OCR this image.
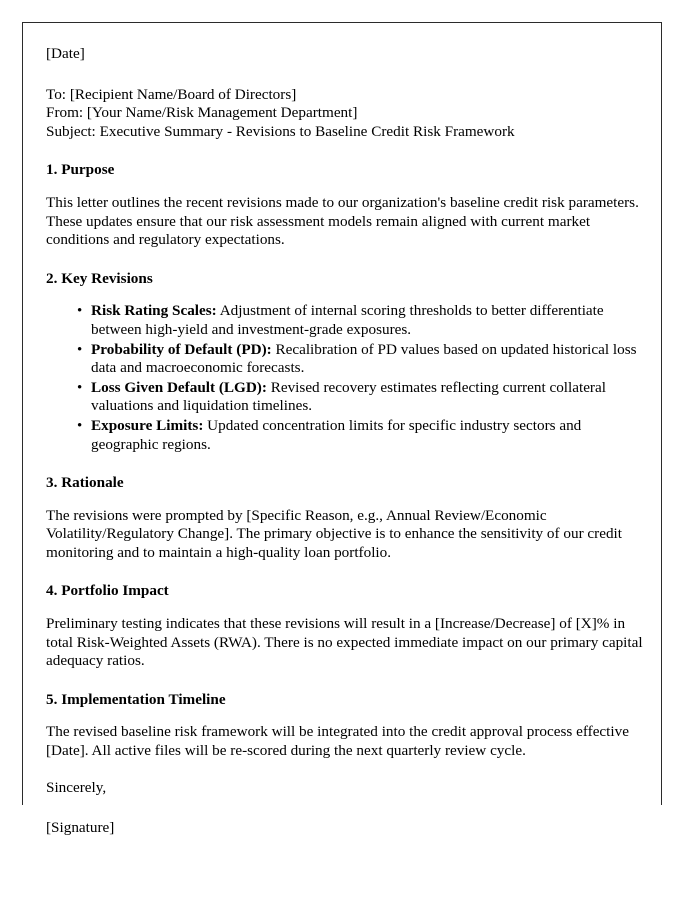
[Date]

To: [Recipient Name/Board of Directors]

From: [Your Name/Risk Management Department]

Subject: Executive Summary - Revisions to Baseline Credit Risk Framework

1. Purpose

This letter outlines the recent revisions made to our organization's baseline credit risk parameters. These updates ensure that our risk assessment models remain aligned with current market conditions and regulatory expectations.

2. Key Revisions
• Risk Rating Scales: Adjustment of internal scoring thresholds to better differentiate between high-yield and investment-grade exposures.
• Probability of Default (PD): Recalibration of PD values based on updated historical loss data and macroeconomic forecasts.
• Loss Given Default (LGD): Revised recovery estimates reflecting current collateral valuations and liquidation timelines.
• Exposure Limits: Updated concentration limits for specific industry sectors and geographic regions.
3. Rationale

The revisions were prompted by [Specific Reason, e.g., Annual Review/Economic Volatility/Regulatory Change]. The primary objective is to enhance the sensitivity of our credit monitoring and to maintain a high-quality loan portfolio.

4. Portfolio Impact

Preliminary testing indicates that these revisions will result in a [Increase/Decrease] of [X]% in total Risk-Weighted Assets (RWA). There is no expected immediate impact on our primary capital adequacy ratios.

5. Implementation Timeline

The revised baseline risk framework will be integrated into the credit approval process effective [Date]. All active files will be re-scored during the next quarterly review cycle.

Sincerely,

[Signature]
